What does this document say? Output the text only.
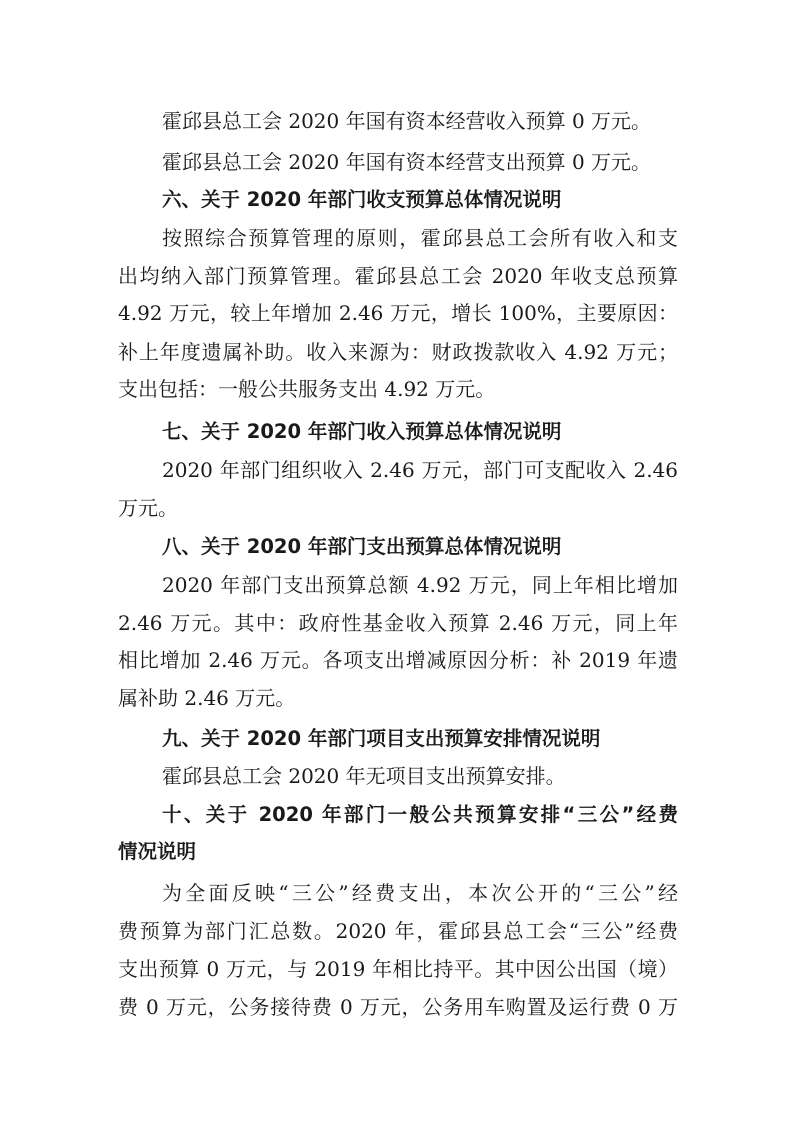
霍邱县总工会 2020 年国有资本经营收入预算 0 万元。
霍邱县总工会 2020 年国有资本经营支出预算 0 万元。
六、关于 2020 年部门收支预算总体情况说明
按照综合预算管理的原则，霍邱县总工会所有收入和支
出均纳入部门预算管理。霍邱县总工会 2020 年收支总预算
4.92 万元，较上年增加 2.46 万元，增长 100%，主要原因：
补上年度遗属补助。收入来源为：财政拨款收入 4.92 万元；
支出包括：一般公共服务支出 4.92 万元。
七、关于 2020 年部门收入预算总体情况说明
2020 年部门组织收入 2.46 万元，部门可支配收入 2.46
万元。
八、关于 2020 年部门支出预算总体情况说明
2020 年部门支出预算总额 4.92 万元，同上年相比增加
2.46 万元。其中：政府性基金收入预算 2.46 万元，同上年
相比增加 2.46 万元。各项支出增减原因分析：补 2019 年遗
属补助 2.46 万元。
九、关于 2020 年部门项目支出预算安排情况说明
霍邱县总工会 2020 年无项目支出预算安排。
十、关于 2020 年部门一般公共预算安排“三公”经费
情况说明
为全面反映“三公”经费支出，本次公开的“三公”经
费预算为部门汇总数。2020 年，霍邱县总工会“三公”经费
支出预算 0 万元，与 2019 年相比持平。其中因公出国（境）
费 0 万元，公务接待费 0 万元，公务用车购置及运行费 0 万
